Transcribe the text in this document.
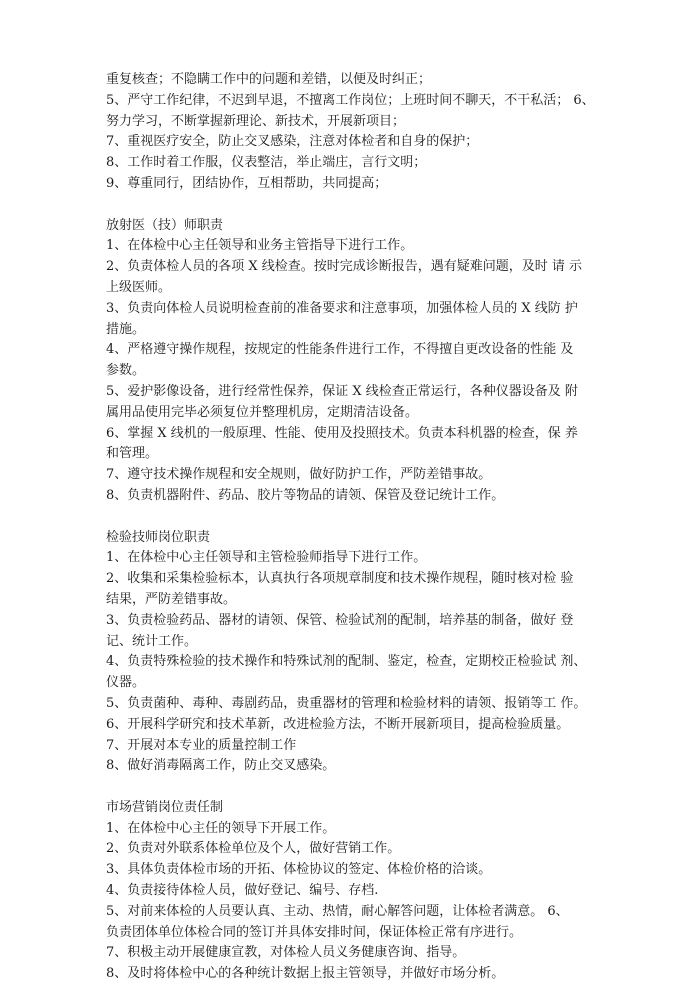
重复核查；不隐瞒工作中的问题和差错，以便及时纠正；
5、严守工作纪律，不迟到早退，不擅离工作岗位；上班时间不聊天，不干私活； 6、
努力学习，不断掌握新理论、新技术，开展新项目；
7、重视医疗安全，防止交叉感染，注意对体检者和自身的保护；
8、工作时着工作服，仪表整洁，举止端庄，言行文明；
9、尊重同行，团结协作，互相帮助，共同提高；
放射医（技）师职责
1、在体检中心主任领导和业务主管指导下进行工作。
2、负责体检人员的各项 X 线检查。按时完成诊断报告，遇有疑难问题，及时 请 示
上级医师。
3、负责向体检人员说明检查前的准备要求和注意事项，加强体检人员的 X 线防 护
措施。
4、严格遵守操作规程，按规定的性能条件进行工作，不得擅自更改设备的性能 及
参数。
5、爱护影像设备，进行经常性保养，保证 X 线检查正常运行，各种仪器设备及 附
属用品使用完毕必须复位并整理机房，定期清洁设备。
6、掌握 X 线机的一般原理、性能、使用及投照技术。负责本科机器的检查，保 养
和管理。
7、遵守技术操作规程和安全规则，做好防护工作，严防差错事故。
8、负责机器附件、药品、胶片等物品的请领、保管及登记统计工作。
检验技师岗位职责
1、在体检中心主任领导和主管检验师指导下进行工作。
2、收集和采集检验标本，认真执行各项规章制度和技术操作规程，随时核对检 验
结果，严防差错事故。
3、负责检验药品、器材的请领、保管、检验试剂的配制，培养基的制备，做好 登
记、统计工作。
4、负责特殊检验的技术操作和特殊试剂的配制、鉴定，检查，定期校正检验试 剂、
仪器。
5、负责菌种、毒种、毒剧药品，贵重器材的管理和检验材料的请领、报销等工 作。
6、开展科学研究和技术革新，改进检验方法，不断开展新项目，提高检验质量。
7、开展对本专业的质量控制工作
8、做好消毒隔离工作，防止交叉感染。
市场营销岗位责任制
1、在体检中心主任的领导下开展工作。
2、负责对外联系体检单位及个人，做好营销工作。
3、具体负责体检市场的开拓、体检协议的签定、体检价格的洽谈。
4、负责接待体检人员，做好登记、编号、存档.
5、对前来体检的人员要认真、主动、热情，耐心解答问题，让体检者满意。 6、
负责团体单位体检合同的签订并具体安排时间，保证体检正常有序进行。
7、积极主动开展健康宣教，对体检人员义务健康咨询、指导。
8、及时将体检中心的各种统计数据上报主管领导，并做好市场分析。
